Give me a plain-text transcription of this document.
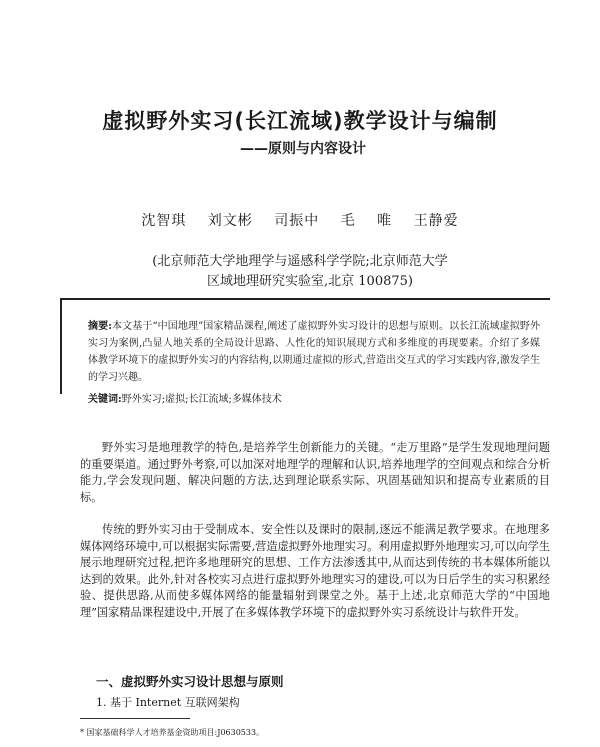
虚拟野外实习(长江流域)教学设计与编制
——原则与内容设计
沈智琪 刘文彬 司振中 毛 唯 王静爱
(北京师范大学地理学与遥感科学学院;北京师范大学
区域地理研究实验室,北京 100875)
摘要:本文基于“中国地理”国家精品课程,阐述了虚拟野外实习设计的思想与原则。以长江流域虚拟野外实习为案例,凸显人地关系的全局设计思路、人性化的知识展现方式和多维度的再现要素。介绍了多媒体教学环境下的虚拟野外实习的内容结构,以期通过虚拟的形式,营造出交互式的学习实践内容,激发学生的学习兴趣。
关键词:野外实习;虚拟;长江流域;多媒体技术
野外实习是地理教学的特色,是培养学生创新能力的关键。“走万里路”是学生发现地理问题的重要渠道。通过野外考察,可以加深对地理学的理解和认识,培养地理学的空间观点和综合分析能力,学会发现问题、解决问题的方法,达到理论联系实际、巩固基础知识和提高专业素质的目标。
传统的野外实习由于受制成本、安全性以及课时的限制,逐远不能满足教学要求。在地理多媒体网络环境中,可以根据实际需要,营造虚拟野外地理实习。利用虚拟野外地理实习,可以向学生展示地理研究过程,把许多地理研究的思想、工作方法渗透其中,从而达到传统的书本媒体所能以达到的效果。此外,针对各校实习点进行虚拟野外地理实习的建设,可以为日后学生的实习积累经验、提供思路,从而使多媒体网络的能量辐射到课堂之外。基于上述,北京师范大学的“中国地理”国家精品课程建设中,开展了在多媒体教学环境下的虚拟野外实习系统设计与软件开发。
一、虚拟野外实习设计思想与原则
1. 基于 Internet 互联网架构
* 国家基础科学人才培养基金资助项目:J0630533。
